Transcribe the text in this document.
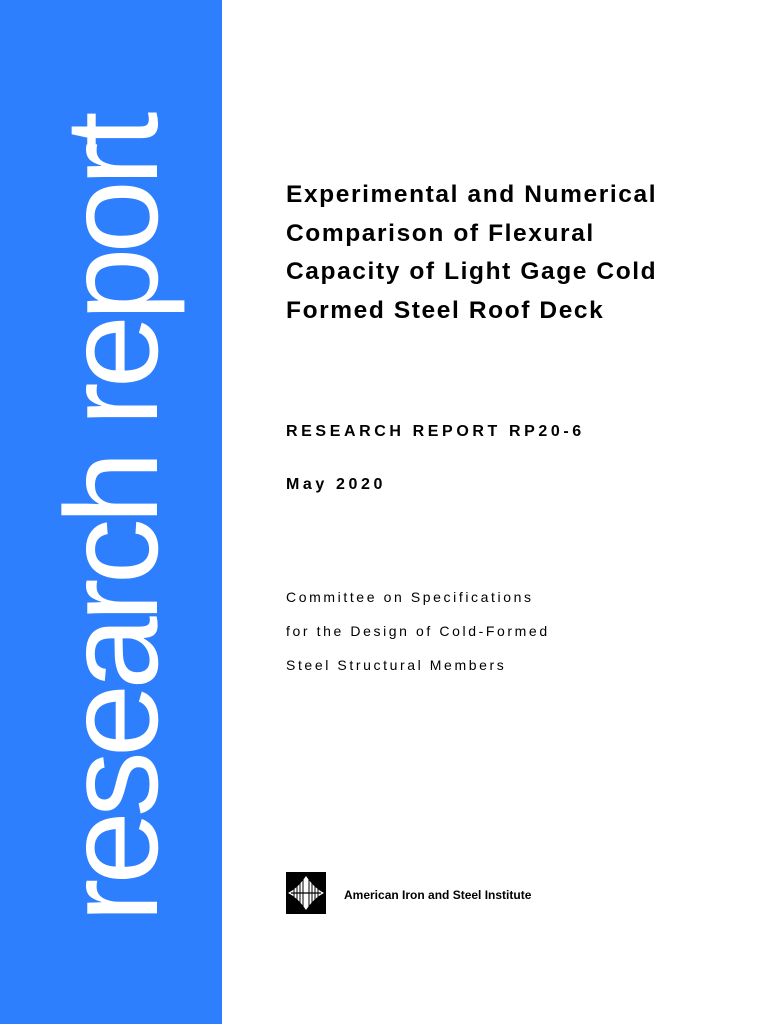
research report	Experimental and Numerical
Comparison of Flexural
Capacity of Light Gage Cold
Formed Steel Roof Deck
RESEARCH REPORT RP20-6
May 2020
Committee on Specifications
for the Design of Cold-Formed
Steel Structural Members
American Iron and Steel Institute
